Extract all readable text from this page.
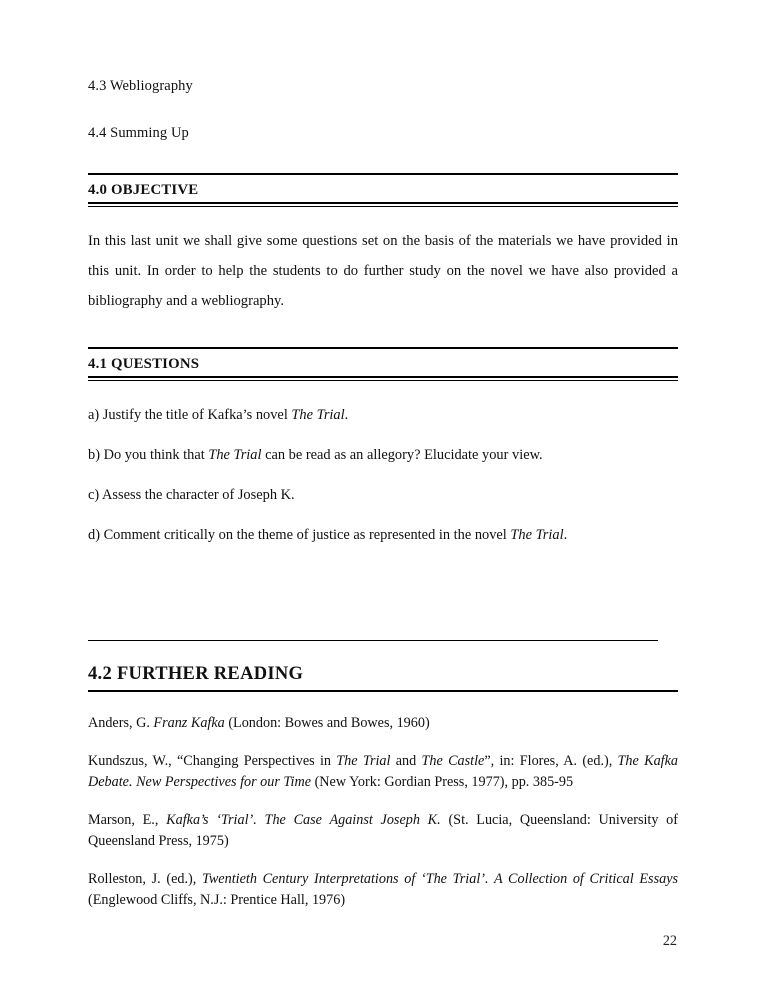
4.3 Webliography
4.4 Summing Up
4.0 OBJECTIVE

In this last unit we shall give some questions set on the basis of the materials we have provided in this unit. In order to help the students to do further study on the novel we have also provided a bibliography and a webliography.

4.1 QUESTIONS

a) Justify the title of Kafka’s novel The Trial.

b) Do you think that The Trial can be read as an allegory? Elucidate your view.

c) Assess the character of Joseph K.

d) Comment critically on the theme of justice as represented in the novel The Trial.

4.2 FURTHER READING

Anders, G. Franz Kafka (London: Bowes and Bowes, 1960)

Kundszus, W., “Changing Perspectives in The Trial and The Castle”, in: Flores, A. (ed.), The Kafka Debate. New Perspectives for our Time (New York: Gordian Press, 1977), pp. 385-95

Marson, E., Kafka’s ‘Trial’. The Case Against Joseph K. (St. Lucia, Queensland: University of Queensland Press, 1975)

Rolleston, J. (ed.), Twentieth Century Interpretations of ‘The Trial’. A Collection of Critical Essays (Englewood Cliffs, N.J.: Prentice Hall, 1976)

22
